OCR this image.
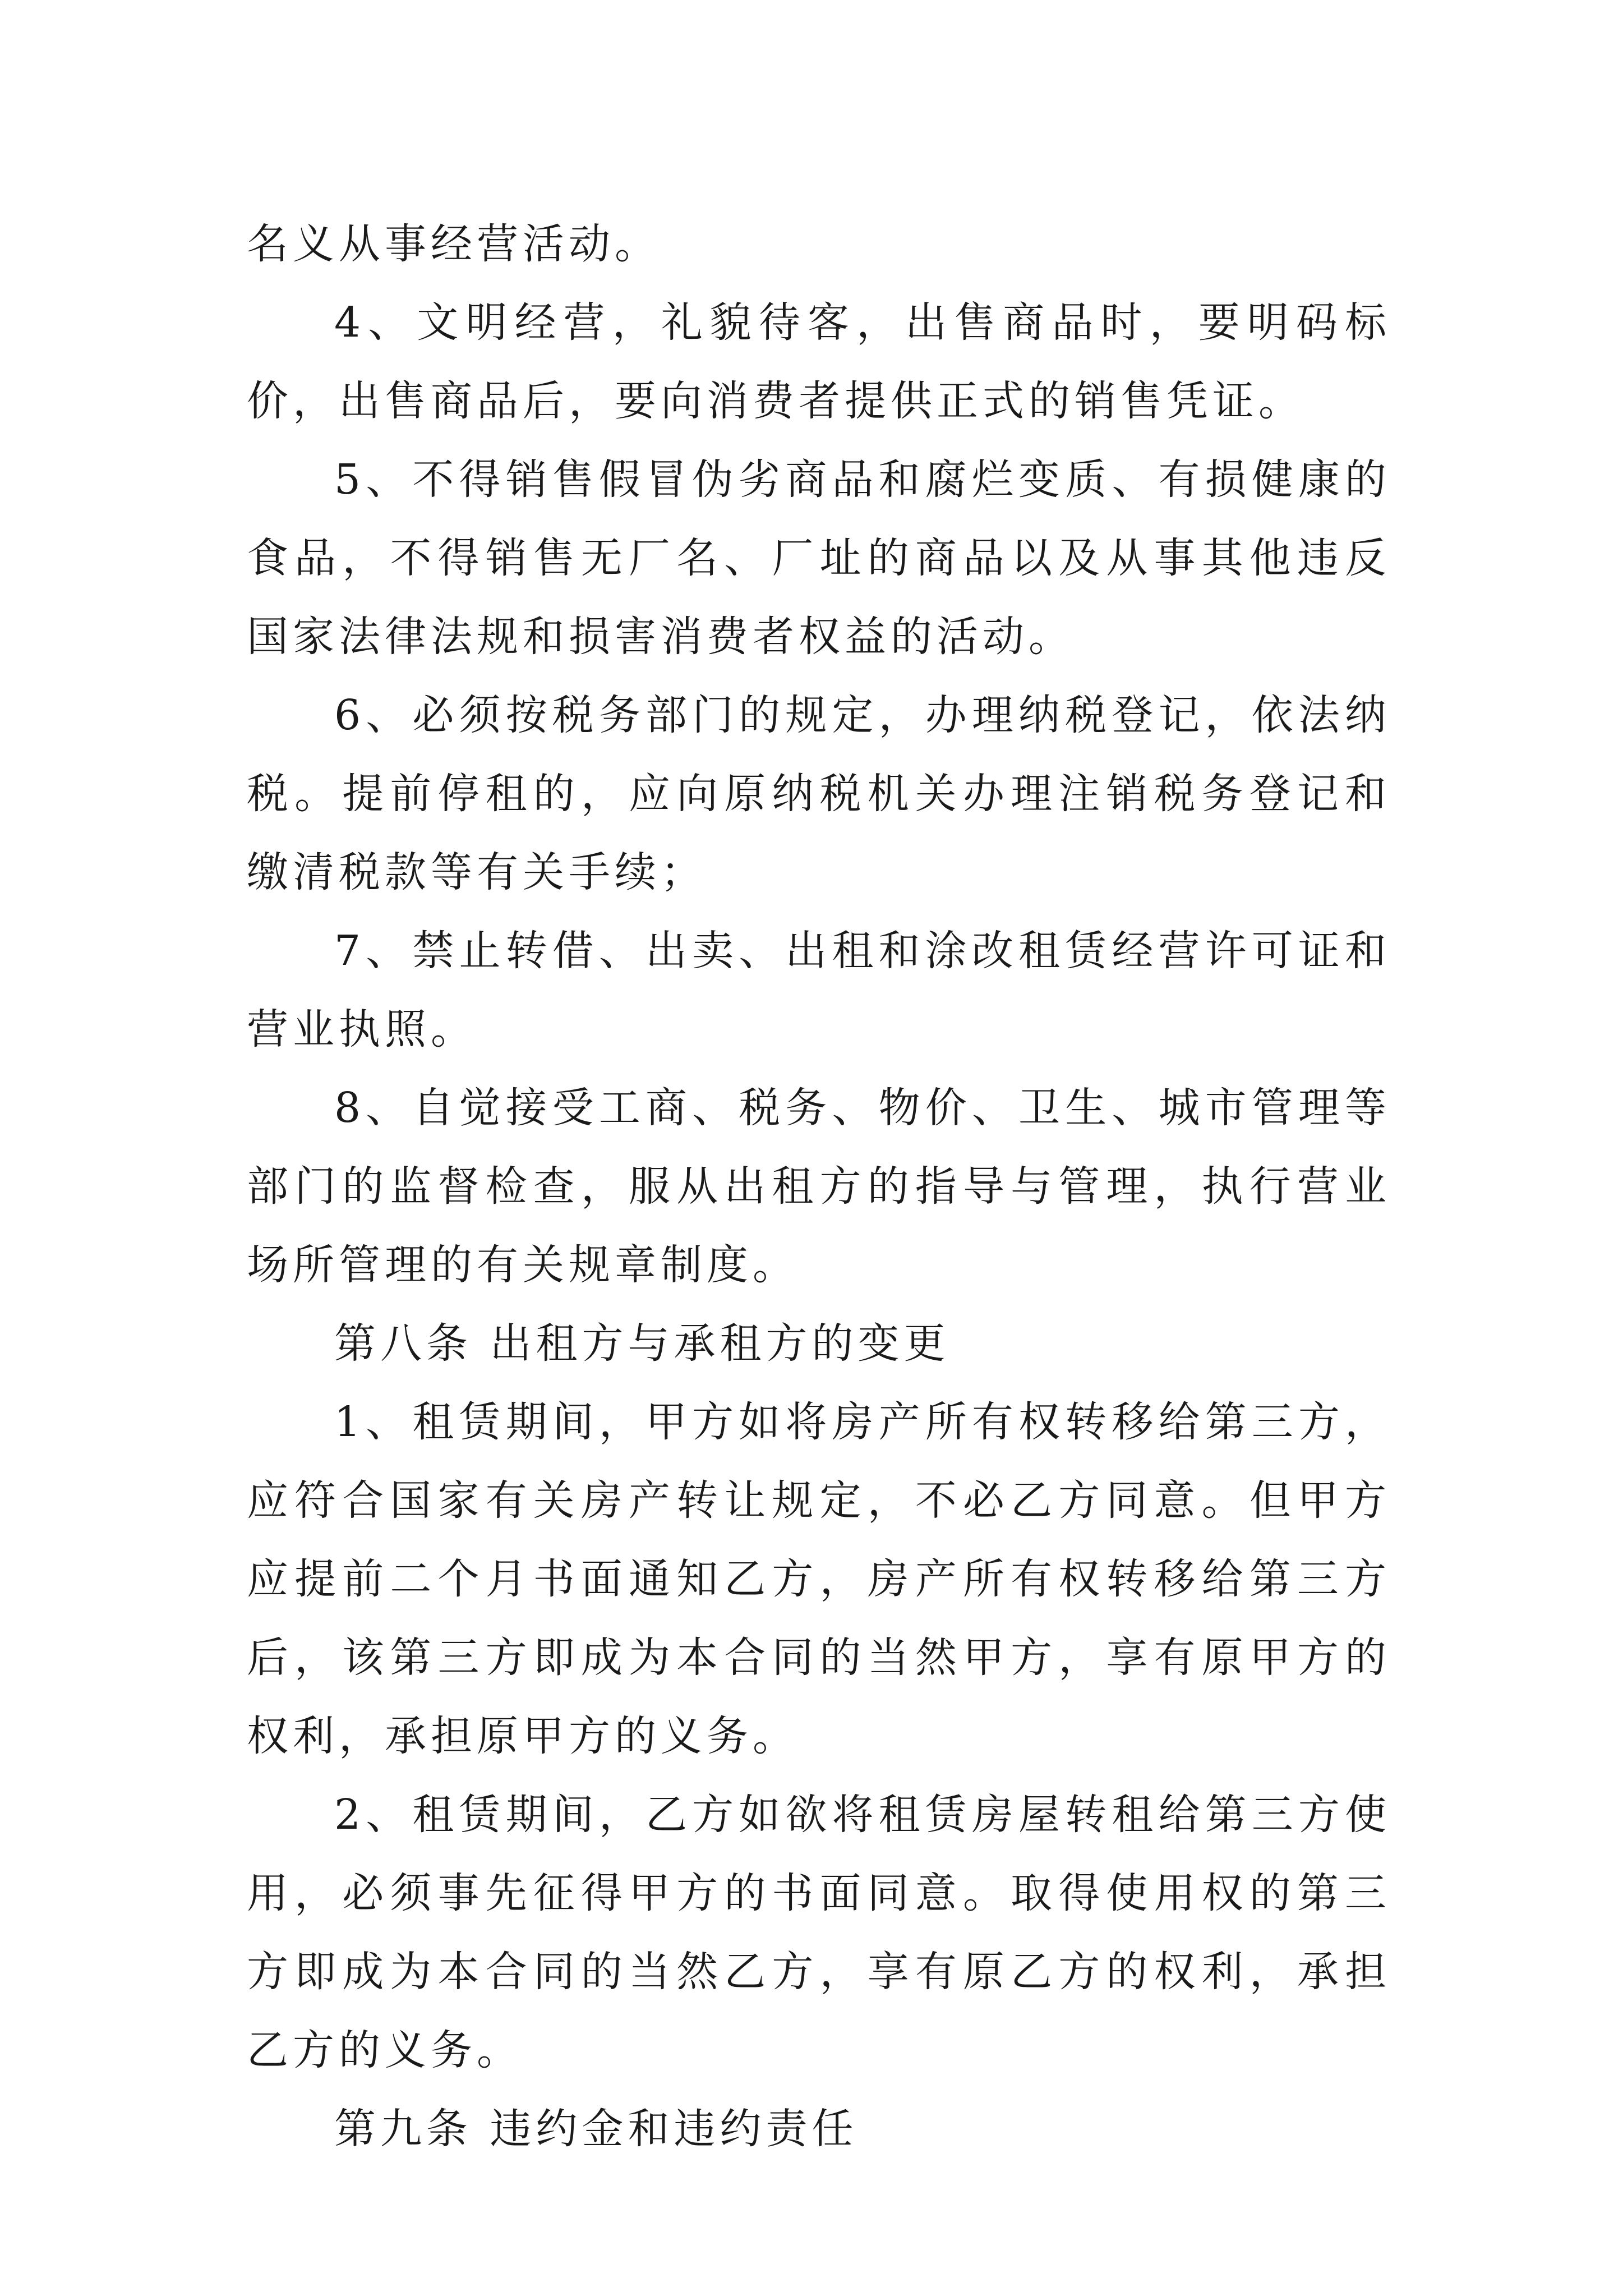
名义从事经营活动。

4、文明经营，礼貌待客，出售商品时，要明码标价，出售商品后，要向消费者提供正式的销售凭证。

5、不得销售假冒伪劣商品和腐烂变质、有损健康的食品，不得销售无厂名、厂址的商品以及从事其他违反国家法律法规和损害消费者权益的活动。

6、必须按税务部门的规定，办理纳税登记，依法纳税。提前停租的，应向原纳税机关办理注销税务登记和缴清税款等有关手续；

7、禁止转借、出卖、出租和涂改租赁经营许可证和营业执照。

8、自觉接受工商、税务、物价、卫生、城市管理等部门的监督检查，服从出租方的指导与管理，执行营业场所管理的有关规章制度。

第八条 出租方与承租方的变更

1、租赁期间，甲方如将房产所有权转移给第三方，应符合国家有关房产转让规定，不必乙方同意。但甲方应提前二个月书面通知乙方，房产所有权转移给第三方后，该第三方即成为本合同的当然甲方，享有原甲方的权利，承担原甲方的义务。

2、租赁期间，乙方如欲将租赁房屋转租给第三方使用，必须事先征得甲方的书面同意。取得使用权的第三方即成为本合同的当然乙方，享有原乙方的权利，承担乙方的义务。

第九条 违约金和违约责任
